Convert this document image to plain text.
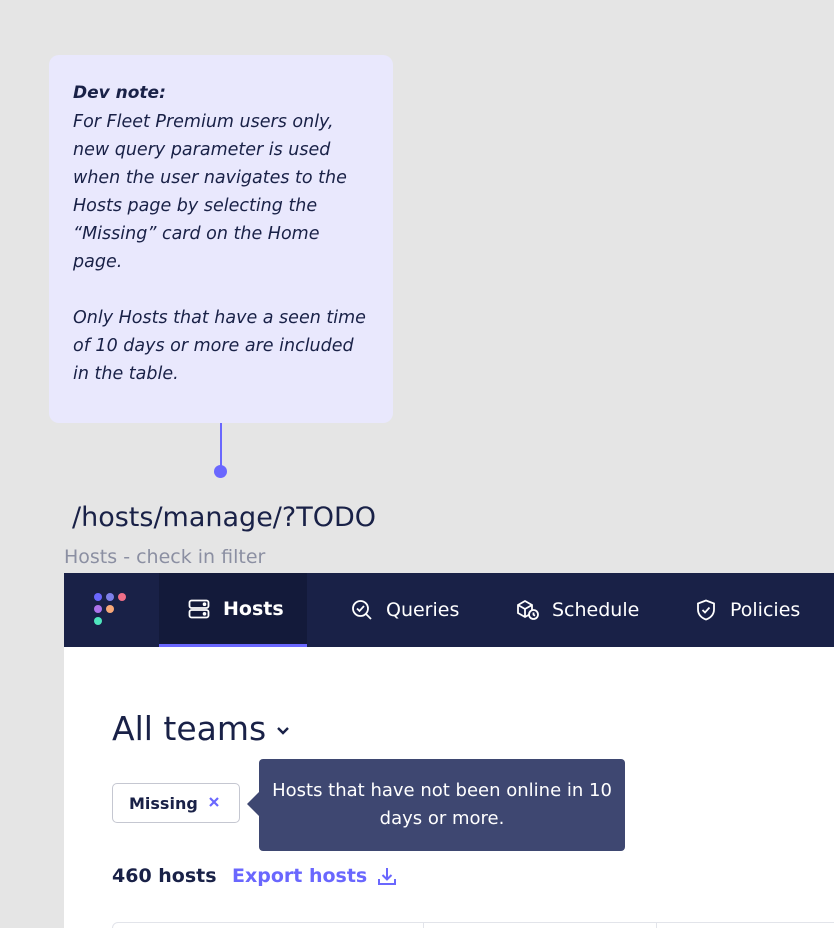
Dev note:

For Fleet Premium users only, new query parameter is used when the user navigates to the Hosts page by selecting the “Missing” card on the Home page.

Only Hosts that have a seen time of 10 days or more are included in the table.

/hosts/manage/?TODO
Hosts - check in filter
Hosts	Queries	Schedule	Policies
All teams
Missing
Hosts that have not been online in 10 days or more.
460 hosts Export hosts
